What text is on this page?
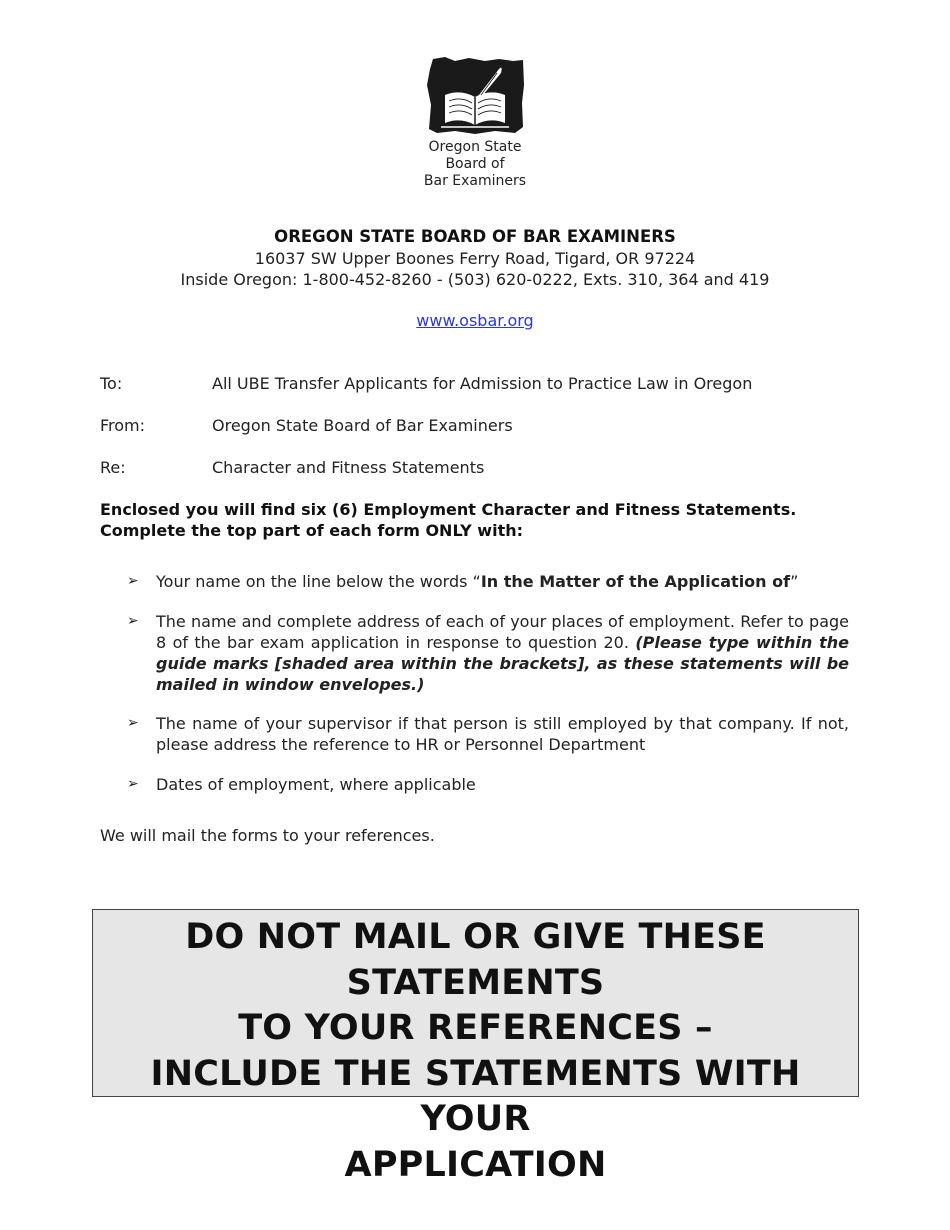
Oregon State
Board of
Bar Examiners
OREGON STATE BOARD OF BAR EXAMINERS
16037 SW Upper Boones Ferry Road, Tigard, OR 97224
Inside Oregon: 1-800-452-8260 - (503) 620-0222, Exts. 310, 364 and 419
www.osbar.org
To:	All UBE Transfer Applicants for Admission to Practice Law in Oregon
From:	Oregon State Board of Bar Examiners
Re:	Character and Fitness Statements
Enclosed you will find six (6) Employment Character and Fitness Statements. Complete the top part of each form ONLY with:
➢ Your name on the line below the words “In the Matter of the Application of”
➢ The name and complete address of each of your places of employment. Refer to page 8 of the bar exam application in response to question 20. (Please type within the guide marks [shaded area within the brackets], as these statements will be mailed in window envelopes.)
➢ The name of your supervisor if that person is still employed by that company. If not, please address the reference to HR or Personnel Department
➢ Dates of employment, where applicable
We will mail the forms to your references.
DO NOT MAIL OR GIVE THESE STATEMENTS
TO YOUR REFERENCES –
INCLUDE THE STATEMENTS WITH YOUR
APPLICATION
